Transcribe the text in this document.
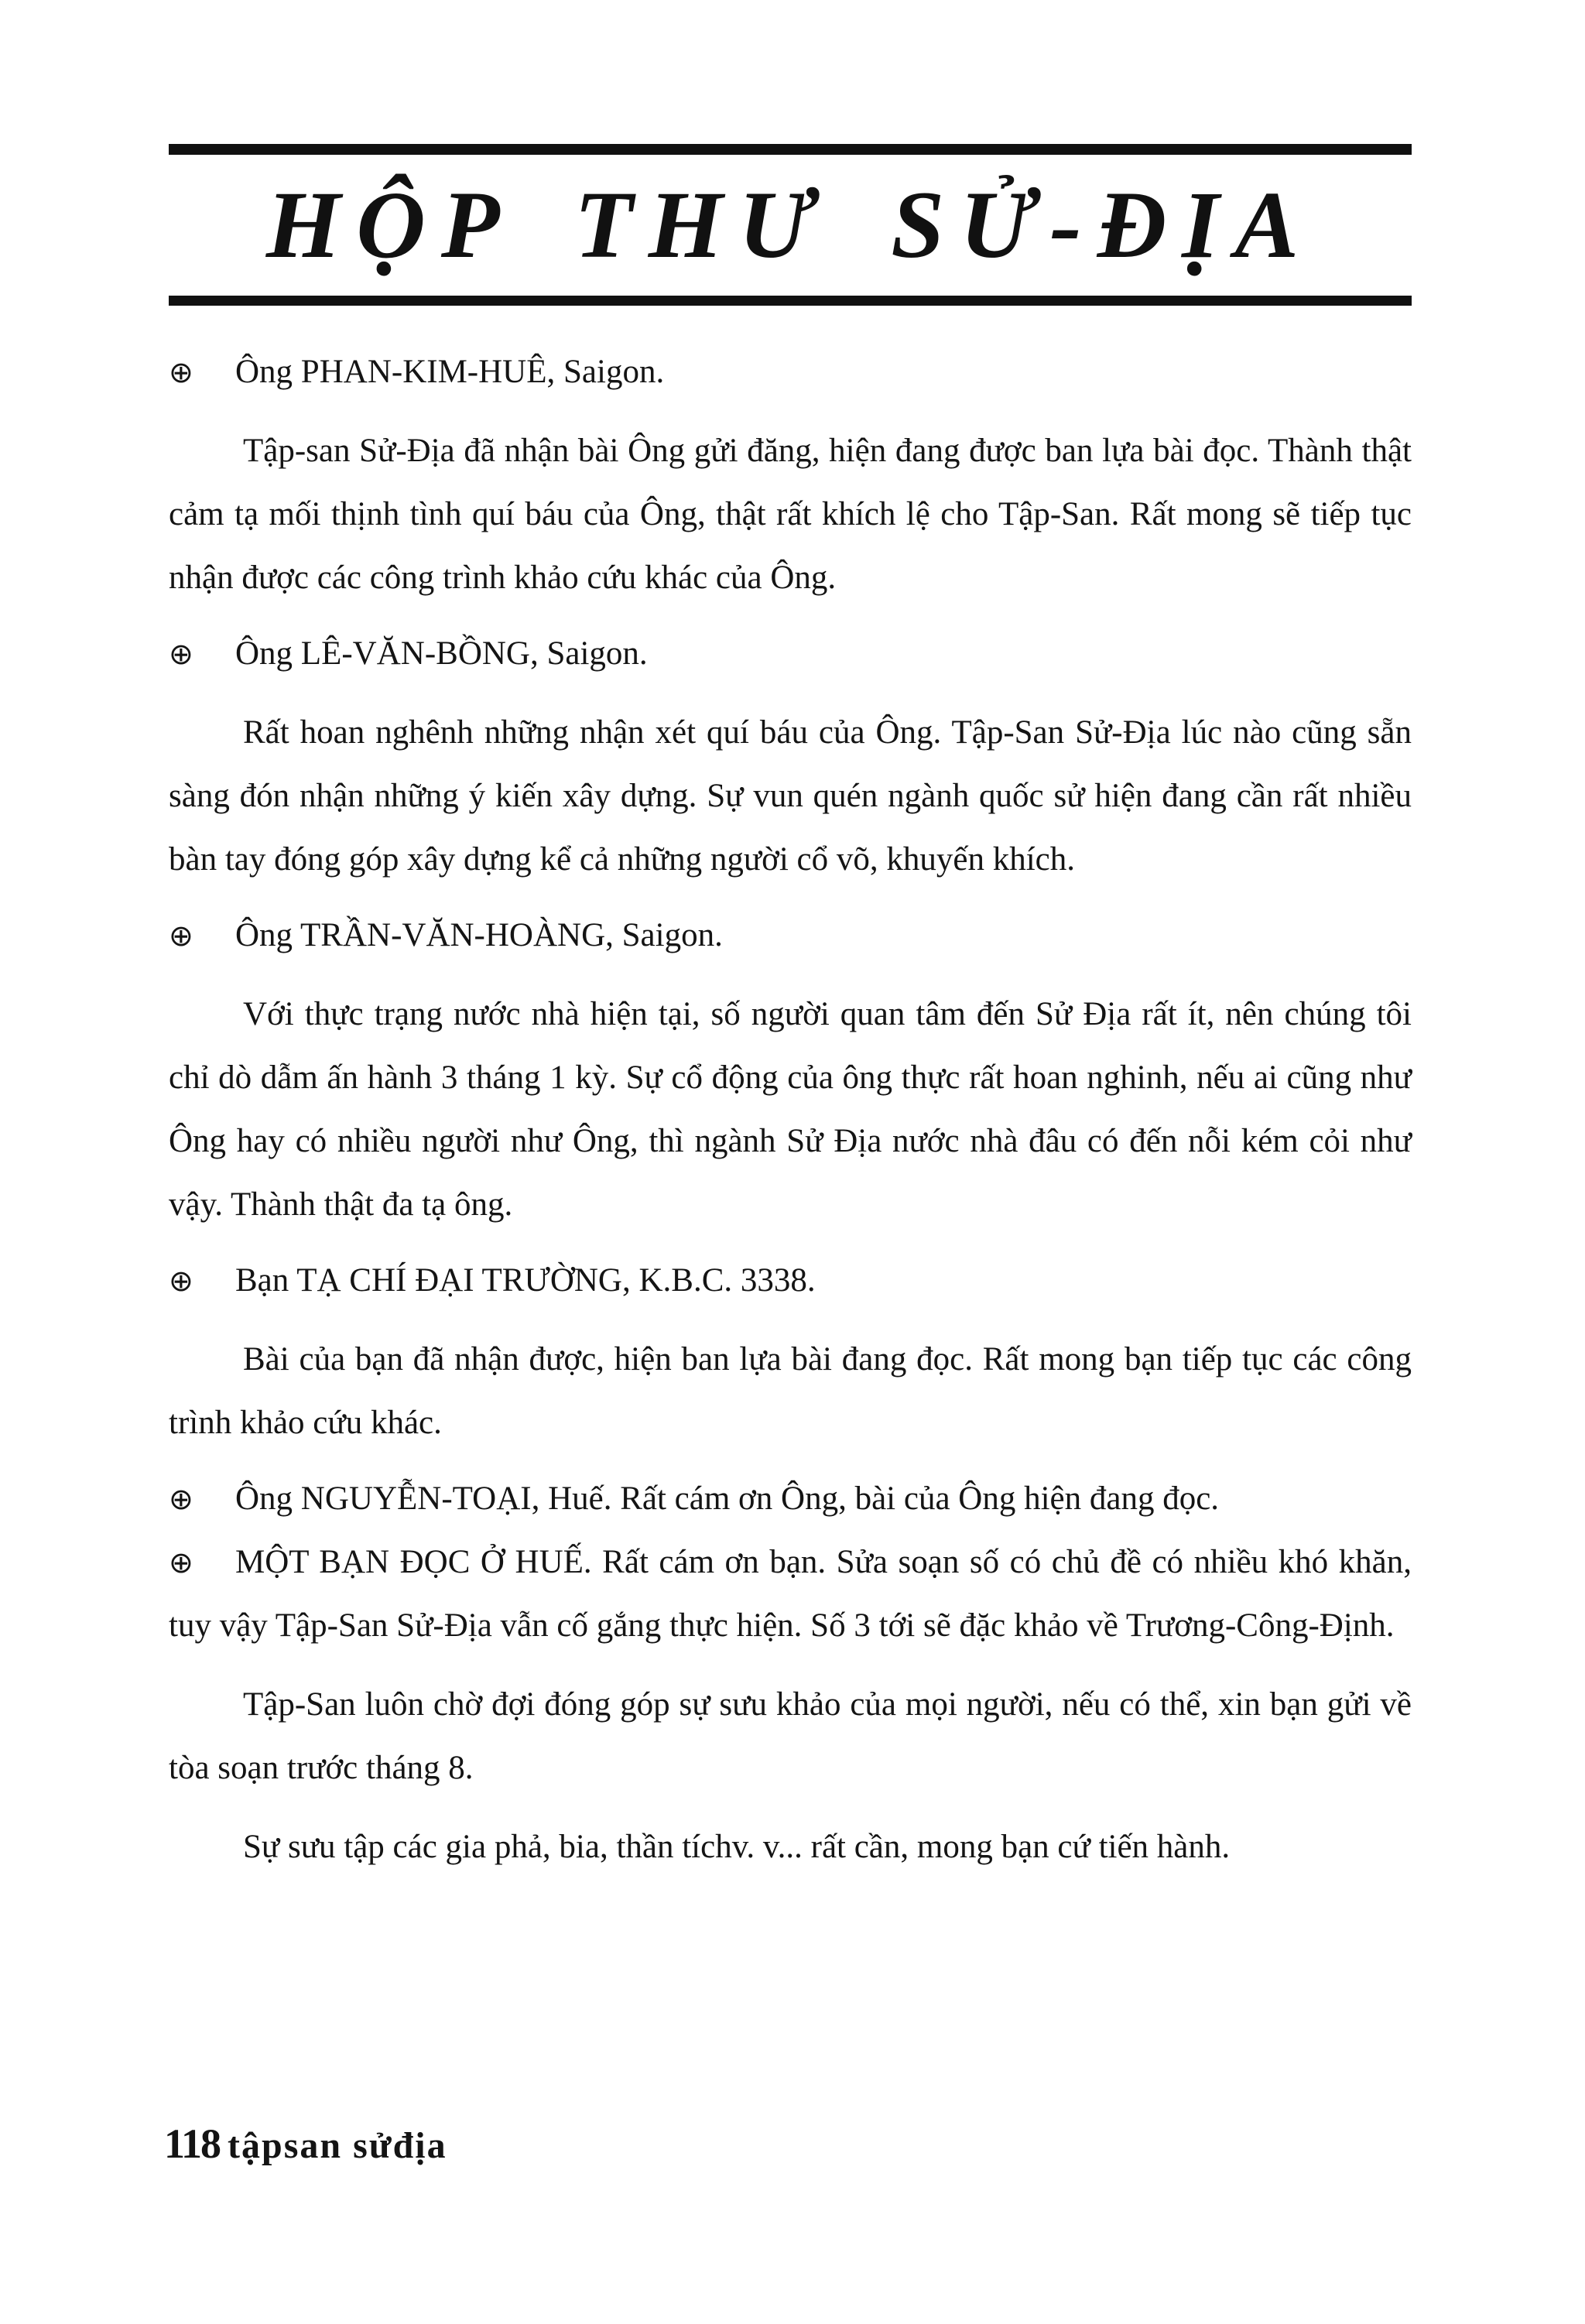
HỘP THƯ SỬ-ĐỊA
⊕	Ông PHAN-KIM-HUÊ, Saigon.
Tập-san Sử-Địa đã nhận bài Ông gửi đăng, hiện đang được ban lựa bài đọc. Thành thật cảm tạ mối thịnh tình quí báu của Ông, thật rất khích lệ cho Tập-San. Rất mong sẽ tiếp tục nhận được các công trình khảo cứu khác của Ông.
⊕	Ông LÊ-VĂN-BỒNG, Saigon.
Rất hoan nghênh những nhận xét quí báu của Ông. Tập-San Sử-Địa lúc nào cũng sẵn sàng đón nhận những ý kiến xây dựng. Sự vun quén ngành quốc sử hiện đang cần rất nhiều bàn tay đóng góp xây dựng kể cả những người cổ võ, khuyến khích.
⊕	Ông TRẦN-VĂN-HOÀNG, Saigon.
Với thực trạng nước nhà hiện tại, số người quan tâm đến Sử Địa rất ít, nên chúng tôi chỉ dò dẫm ấn hành 3 tháng 1 kỳ. Sự cổ động của ông thực rất hoan nghinh, nếu ai cũng như Ông hay có nhiều người như Ông, thì ngành Sử Địa nước nhà đâu có đến nỗi kém cỏi như vậy. Thành thật đa tạ ông.
⊕	Bạn TẠ CHÍ ĐẠI TRƯỜNG, K.B.C. 3338.
Bài của bạn đã nhận được, hiện ban lựa bài đang đọc. Rất mong bạn tiếp tục các công trình khảo cứu khác.
⊕	Ông NGUYỄN-TOẠI, Huế. Rất cám ơn Ông, bài của Ông hiện đang đọc.
⊕ MỘT BẠN ĐỌC Ở HUẾ. Rất cám ơn bạn. Sửa soạn số có chủ đề có nhiều khó khăn, tuy vậy Tập-San Sử-Địa vẫn cố gắng thực hiện. Số 3 tới sẽ đặc khảo về Trương-Công-Định.
Tập-San luôn chờ đợi đóng góp sự sưu khảo của mọi người, nếu có thể, xin bạn gửi về tòa soạn trước tháng 8.
Sự sưu tập các gia phả, bia, thần tíchv. v... rất cần, mong bạn cứ tiến hành.
118 tậpsan sửđịa
